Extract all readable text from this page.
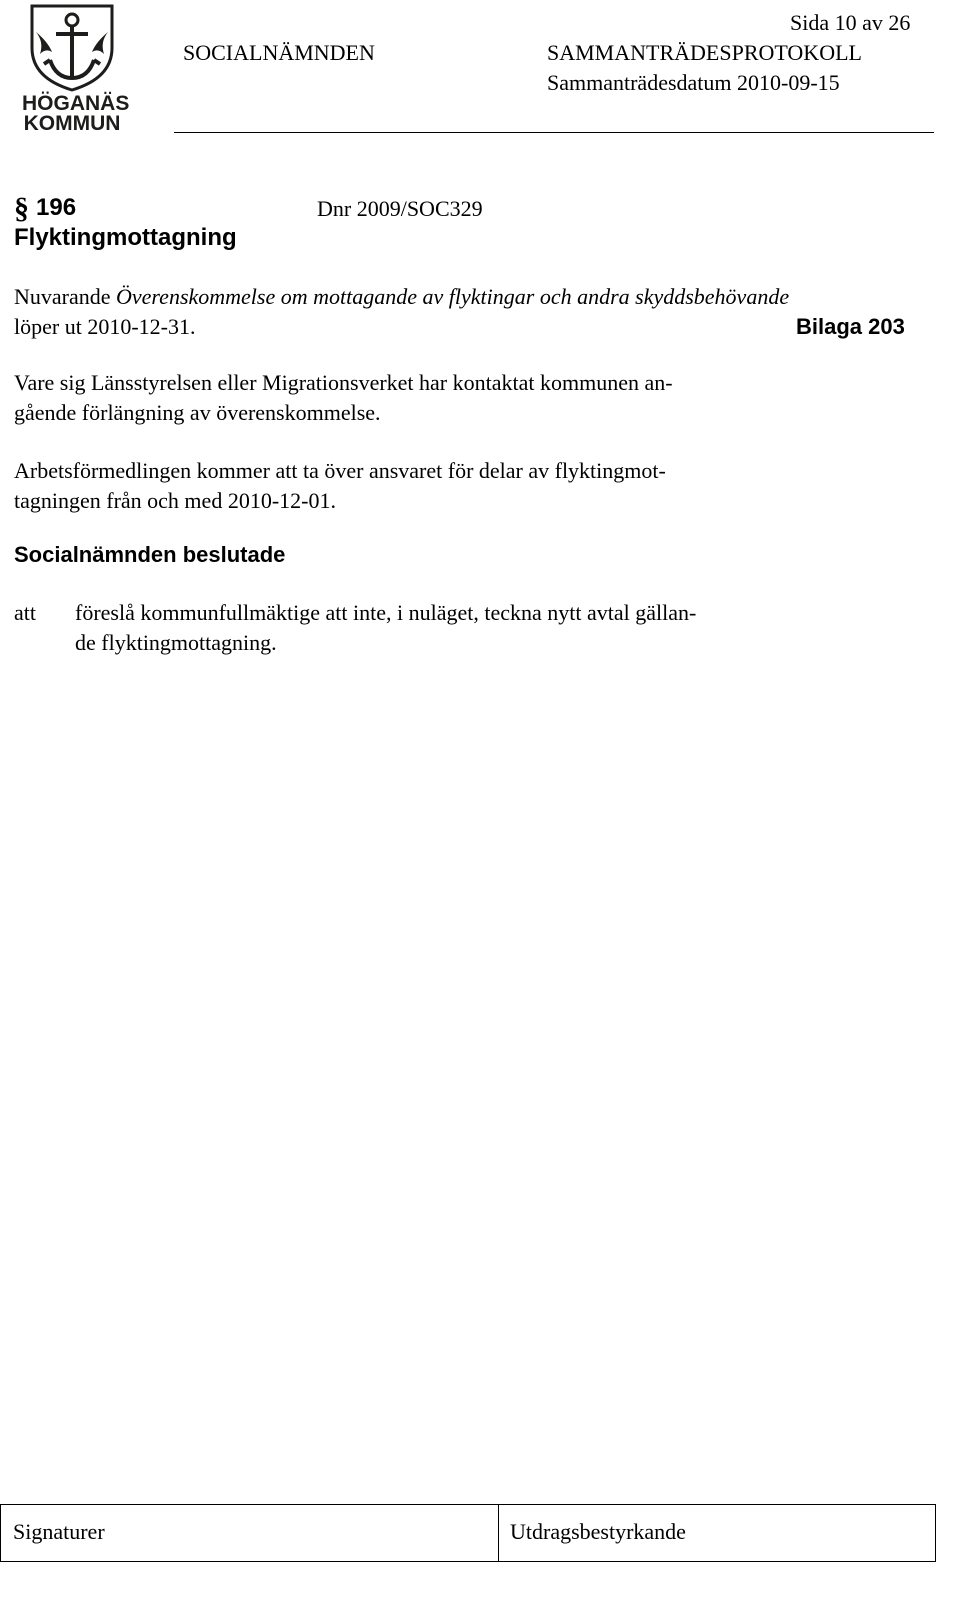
HÖGANÄS
KOMMUN
Sida 10 av 26
SOCIALNÄMNDEN	SAMMANTRÄDESPROTOKOLL
Sammanträdesdatum 2010-09-15
§ 196	Dnr 2009/SOC329
Flyktingmottagning
Nuvarande Överenskommelse om mottagande av flyktingar och andra skyddsbehövande
löper ut 2010-12-31.	Bilaga 203
Vare sig Länsstyrelsen eller Migrationsverket har kontaktat kommunen an-
gående förlängning av överenskommelse.
Arbetsförmedlingen kommer att ta över ansvaret för delar av flyktingmot-
tagningen från och med 2010-12-01.
Socialnämnden beslutade
att föreslå kommunfullmäktige att inte, i nuläget, teckna nytt avtal gällan-
de flyktingmottagning.
Signaturer	Utdragsbestyrkande
